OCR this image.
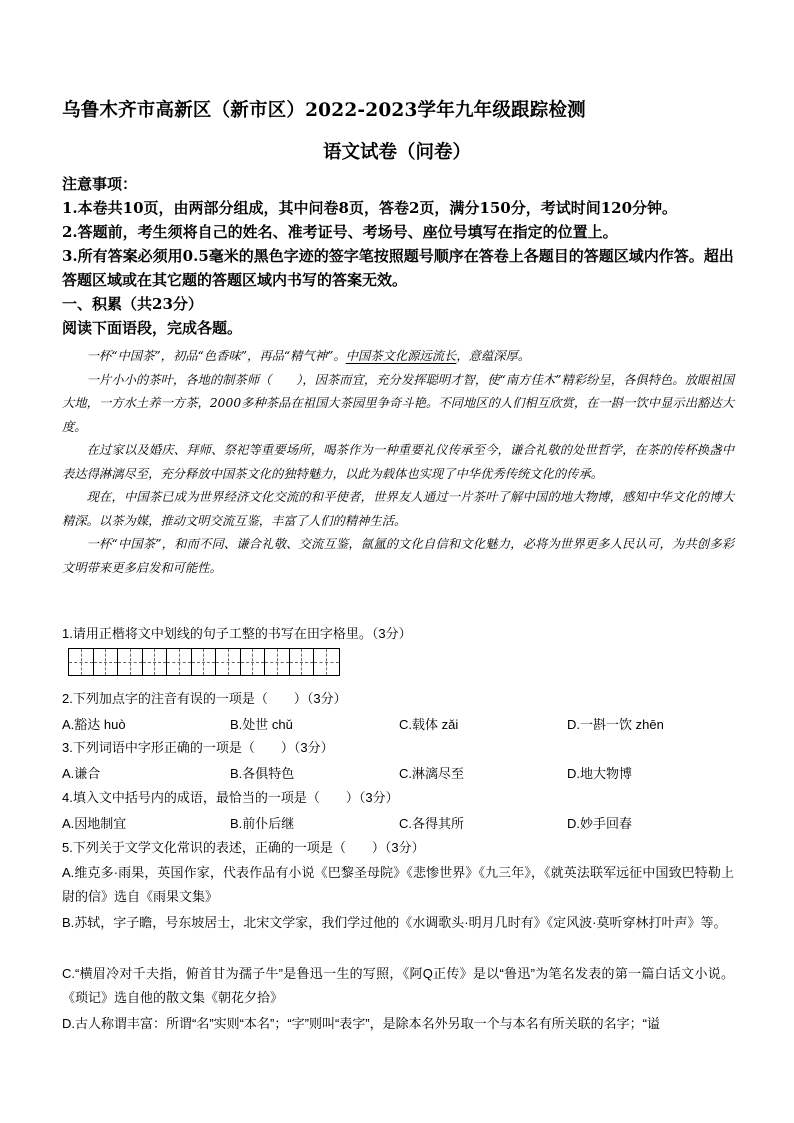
乌鲁木齐市高新区（新市区）2022-2023学年九年级跟踪检测
语文试卷（问卷）
注意事项：
1.本卷共10页，由两部分组成，其中问卷8页，答卷2页，满分150分，考试时间120分钟。
2.答题前，考生须将自己的姓名、准考证号、考场号、座位号填写在指定的位置上。
3.所有答案必须用0.5毫米的黑色字迹的签字笔按照题号顺序在答卷上各题目的答题区域内作答。超出答题区域或在其它题的答题区域内书写的答案无效。
一、积累（共23分）
阅读下面语段，完成各题。

一杯“中国茶”，初品“色香味”，再品“精气神”。中国茶文化源远流长，意蕴深厚。

一片小小的茶叶，各地的制茶师（　　），因茶而宜，充分发挥聪明才智，使“南方佳木”精彩纷呈，各俱特色。放眼祖国大地，一方水土养一方茶，2000多种茶品在祖国大茶园里争奇斗艳。不同地区的人们相互欣赏，在一斟一饮中显示出豁达大度。

在过家以及婚庆、拜师、祭祀等重要场所，喝茶作为一种重要礼仪传承至今，谦合礼敬的处世哲学，在茶的传杯换盏中表达得淋漓尽至，充分释放中国茶文化的独特魅力，以此为载体也实现了中华优秀传统文化的传承。

现在，中国茶已成为世界经济文化交流的和平使者，世界友人通过一片茶叶了解中国的地大物博，感知中华文化的博大精深。以茶为媒，推动文明交流互鉴，丰富了人们的精神生活。

一杯“中国茶”，和而不同、谦合礼敬、交流互鉴，氤氲的文化自信和文化魅力，必将为世界更多人民认可，为共创多彩文明带来更多启发和可能性。

1.请用正楷将文中划线的句子工整的书写在田字格里。（3分）
2.下列加点字的注音有误的一项是（　　）（3分）
A.豁达 huò	B.处世 chǔ	C.载体 zǎi	D.一斟一饮 zhēn
3.下列词语中字形正确的一项是（　　）（3分）
A.谦合	B.各俱特色	C.淋漓尽至	D.地大物博
4.填入文中括号内的成语，最恰当的一项是（　　）（3分）
A.因地制宜	B.前仆后继	C.各得其所	D.妙手回春
5.下列关于文学文化常识的表述，正确的一项是（　　）（3分）
A.维克多·雨果，英国作家，代表作品有小说《巴黎圣母院》《悲惨世界》《九三年》，《就英法联军远征中国致巴特勒上尉的信》选自《雨果文集》
B.苏轼，字子瞻，号东坡居士，北宋文学家，我们学过他的《水调歌头·明月几时有》《定风波·莫听穿林打叶声》等。
C.“横眉冷对千夫指，俯首甘为孺子牛”是鲁迅一生的写照，《阿Q正传》是以“鲁迅”为笔名发表的第一篇白话文小说。《琐记》选自他的散文集《朝花夕拾》
D.古人称谓丰富：所谓“名”实则“本名”；“字”则叫“表字”，是除本名外另取一个与本名有所关联的名字；“谥
